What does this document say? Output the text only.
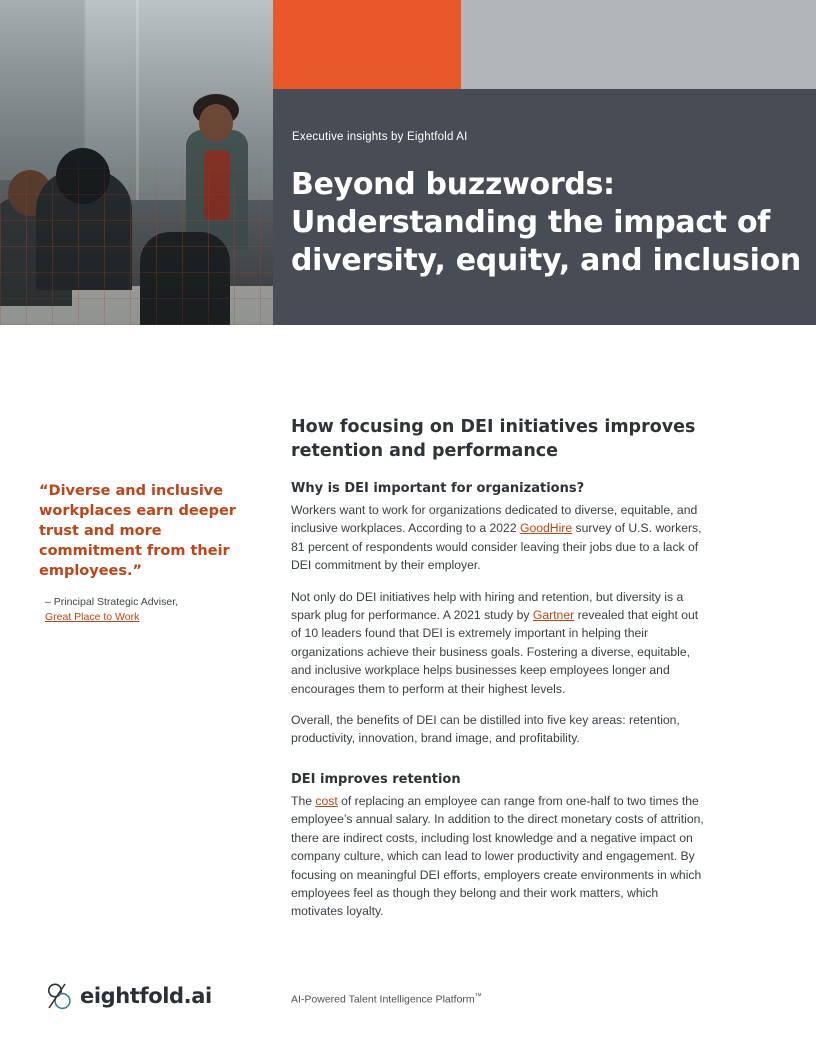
Executive insights by Eightfold AI
Beyond buzzwords: Understanding the impact of diversity, equity, and inclusion
“Diverse and inclusive workplaces earn deeper trust and more commitment from their employees.”
– Principal Strategic Adviser,
Great Place to Work
How focusing on DEI initiatives improves retention and performance
Why is DEI important for organizations?

Workers want to work for organizations dedicated to diverse, equitable, and inclusive workplaces. According to a 2022 GoodHire survey of U.S. workers, 81 percent of respondents would consider leaving their jobs due to a lack of DEI commitment by their employer.

Not only do DEI initiatives help with hiring and retention, but diversity is a spark plug for performance. A 2021 study by Gartner revealed that eight out of 10 leaders found that DEI is extremely important in helping their organizations achieve their business goals. Fostering a diverse, equitable, and inclusive workplace helps businesses keep employees longer and encourages them to perform at their highest levels.

Overall, the benefits of DEI can be distilled into five key areas: retention, productivity, innovation, brand image, and profitability.

DEI improves retention

The cost of replacing an employee can range from one-half to two times the employee’s annual salary. In addition to the direct monetary costs of attrition, there are indirect costs, including lost knowledge and a negative impact on company culture, which can lead to lower productivity and engagement. By focusing on meaningful DEI efforts, employers create environments in which employees feel as though they belong and their work matters, which motivates loyalty.

eightfold.ai	AI-Powered Talent Intelligence Platform™
